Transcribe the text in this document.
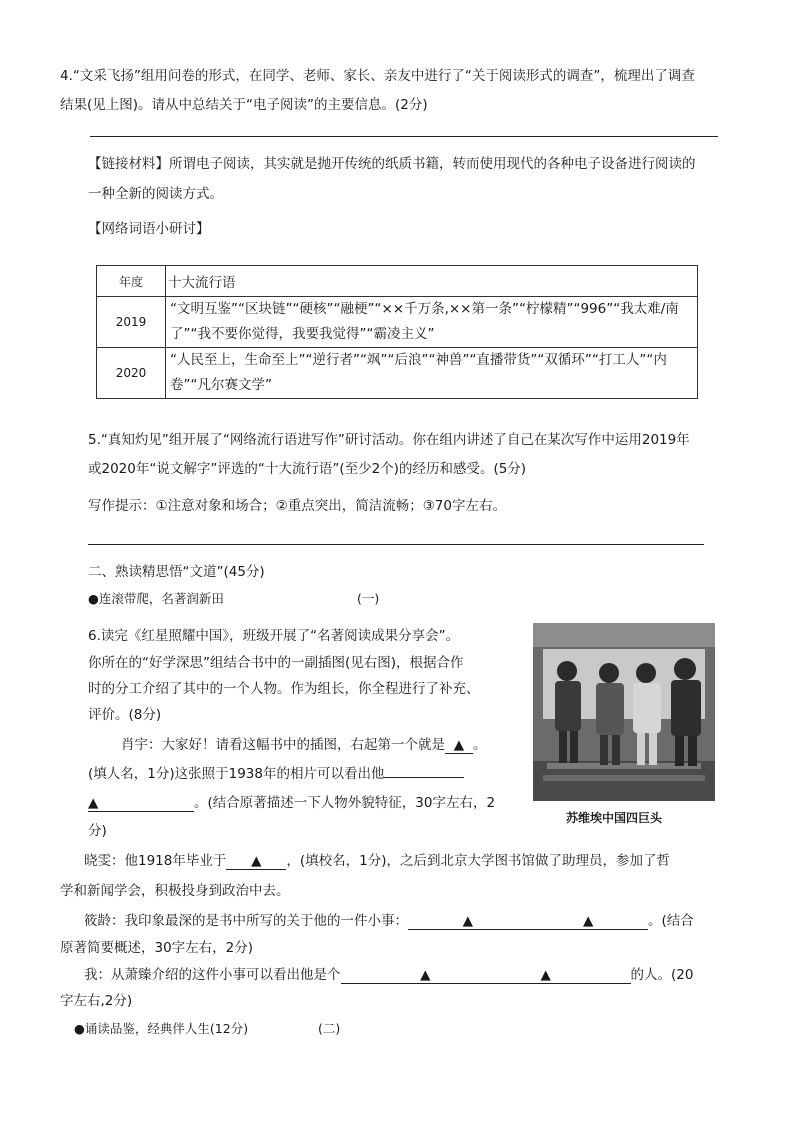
4.“文采飞扬”组用问卷的形式，在同学、老师、家长、亲友中进行了“关于阅读形式的调查”，梳理出了调查
结果(见上图)。请从中总结关于“电子阅读”的主要信息。(2分)
【链接材料】所谓电子阅读，其实就是抛开传统的纸质书籍，转而使用现代的各种电子设备进行阅读的
一种全新的阅读方式。
【网络词语小研讨】
年度	十大流行语
2019	“文明互鉴”“区块链”“硬核”“融梗”“××千万条,××第一条”“柠檬精”“996”“我太难/南了”“我不要你觉得，我要我觉得”“霸凌主义”
2020	“人民至上，生命至上”“逆行者”“飒”“后浪”“神兽”“直播带货”“双循环”“打工人”“内卷”“凡尔赛文学”
5.“真知灼见”组开展了“网络流行语进写作”研讨活动。你在组内讲述了自己在某次写作中运用2019年
或2020年“说文解字”评选的“十大流行语”(至少2个)的经历和感受。(5分)
写作提示：①注意对象和场合；②重点突出，简洁流畅；③70字左右。
二、熟读精思悟“文道”(45分)
●连滚带爬，名著润新田	(一)
6.读完《红星照耀中国》，班级开展了“名著阅读成果分享会”。
你所在的“好学深思”组结合书中的一副插图(见右图)，根据合作
时的分工介绍了其中的一个人物。作为组长，你全程进行了补充、
评价。(8分)
肖宇：大家好！请看这幅书中的插图，右起第一个就是 ▲ 。
(填人名，1分)这张照于1938年的相片可以看出他
▲	。(结合原著描述一下人物外貌特征，30字左右，2
分)
晓雯：他1918年毕业于 ▲ ，(填校名，1分)，之后到北京大学图书馆做了助理员，参加了哲
学和新闻学会，积极投身到政治中去。
筱龄：我印象最深的是书中所写的关于他的一件小事：	▲	▲	。(结合
原著简要概述，30字左右，2分)
我：从萧臻介绍的这件小事可以看出他是个	▲	▲	的人。(20
字左右,2分)
●诵读品鉴，经典伴人生(12分)	(二)
苏维埃中国四巨头
